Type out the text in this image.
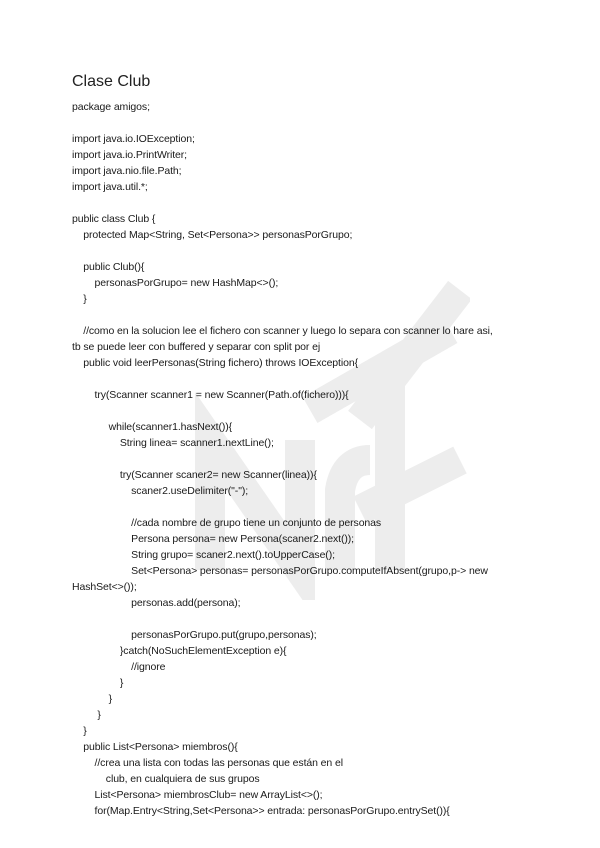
Nrl Z
Clase Club
package amigos;
import java.io.IOException;
import java.io.PrintWriter;
import java.nio.file.Path;
import java.util.*;
public class Club {
protected Map<String, Set<Persona>> personasPorGrupo;
public Club(){
personasPorGrupo= new HashMap<>();
}
//como en la solucion lee el fichero con scanner y luego lo separa con scanner lo hare asi,
tb se puede leer con buffered y separar con split por ej
public void leerPersonas(String fichero) throws IOException{
try(Scanner scanner1 = new Scanner(Path.of(fichero))){
while(scanner1.hasNext()){
String linea= scanner1.nextLine();
try(Scanner scaner2= new Scanner(linea)){
scaner2.useDelimiter("-");
//cada nombre de grupo tiene un conjunto de personas
Persona persona= new Persona(scaner2.next());
String grupo= scaner2.next().toUpperCase();
Set<Persona> personas= personasPorGrupo.computeIfAbsent(grupo,p-> new
HashSet<>());
personas.add(persona);
personasPorGrupo.put(grupo,personas);
}catch(NoSuchElementException e){
//ignore
}
}
}
}
public List<Persona> miembros(){
//crea una lista con todas las personas que están en el
club, en cualquiera de sus grupos
List<Persona> miembrosClub= new ArrayList<>();
for(Map.Entry<String,Set<Persona>> entrada: personasPorGrupo.entrySet()){
